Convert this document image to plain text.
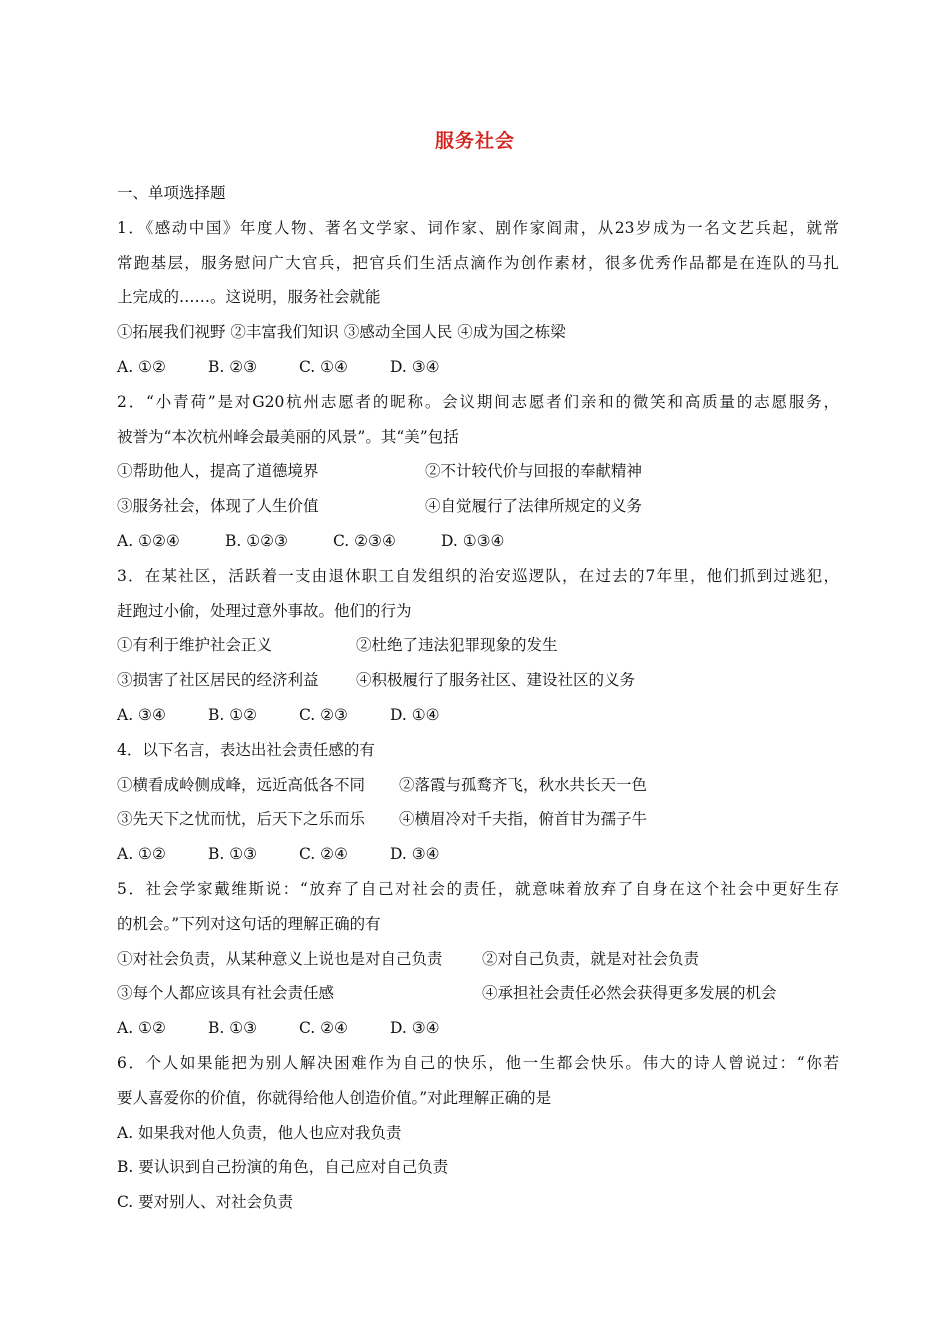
服务社会
一、单项选择题
1．《感动中国》年度人物、著名文学家、词作家、剧作家阎肃，从23岁成为一名文艺兵起，就常
常跑基层，服务慰问广大官兵，把官兵们生活点滴作为创作素材，很多优秀作品都是在连队的马扎
上完成的……。这说明，服务社会就能
①拓展我们视野 ②丰富我们知识 ③感动全国人民 ④成为国之栋梁
A. ①②	B. ②③	C. ①④	D. ③④
2．“小青荷”是对G20杭州志愿者的昵称。会议期间志愿者们亲和的微笑和高质量的志愿服务，
被誉为“本次杭州峰会最美丽的风景”。其“美”包括
①帮助他人，提高了道德境界	②不计较代价与回报的奉献精神
③服务社会，体现了人生价值	④自觉履行了法律所规定的义务
A. ①②④	B. ①②③	C. ②③④	D. ①③④
3．在某社区，活跃着一支由退休职工自发组织的治安巡逻队，在过去的7年里，他们抓到过逃犯，
赶跑过小偷，处理过意外事故。他们的行为
①有利于维护社会正义	②杜绝了违法犯罪现象的发生
③损害了社区居民的经济利益	④积极履行了服务社区、建设社区的义务
A. ③④	B. ①②	C. ②③	D. ①④
4．以下名言，表达出社会责任感的有
①横看成岭侧成峰，远近高低各不同	②落霞与孤鹜齐飞，秋水共长天一色
③先天下之忧而忧，后天下之乐而乐	④横眉冷对千夫指，俯首甘为孺子牛
A. ①②	B. ①③	C. ②④	D. ③④
5．社会学家戴维斯说：“放弃了自己对社会的责任，就意味着放弃了自身在这个社会中更好生存
的机会。”下列对这句话的理解正确的有
①对社会负责，从某种意义上说也是对自己负责	②对自己负责，就是对社会负责
③每个人都应该具有社会责任感	④承担社会责任必然会获得更多发展的机会
A. ①②	B. ①③	C. ②④	D. ③④
6．个人如果能把为别人解决困难作为自己的快乐，他一生都会快乐。伟大的诗人曾说过：“你若
要人喜爱你的价值，你就得给他人创造价值。”对此理解正确的是
A. 如果我对他人负责，他人也应对我负责
B. 要认识到自己扮演的角色，自己应对自己负责
C. 要对别人、对社会负责
